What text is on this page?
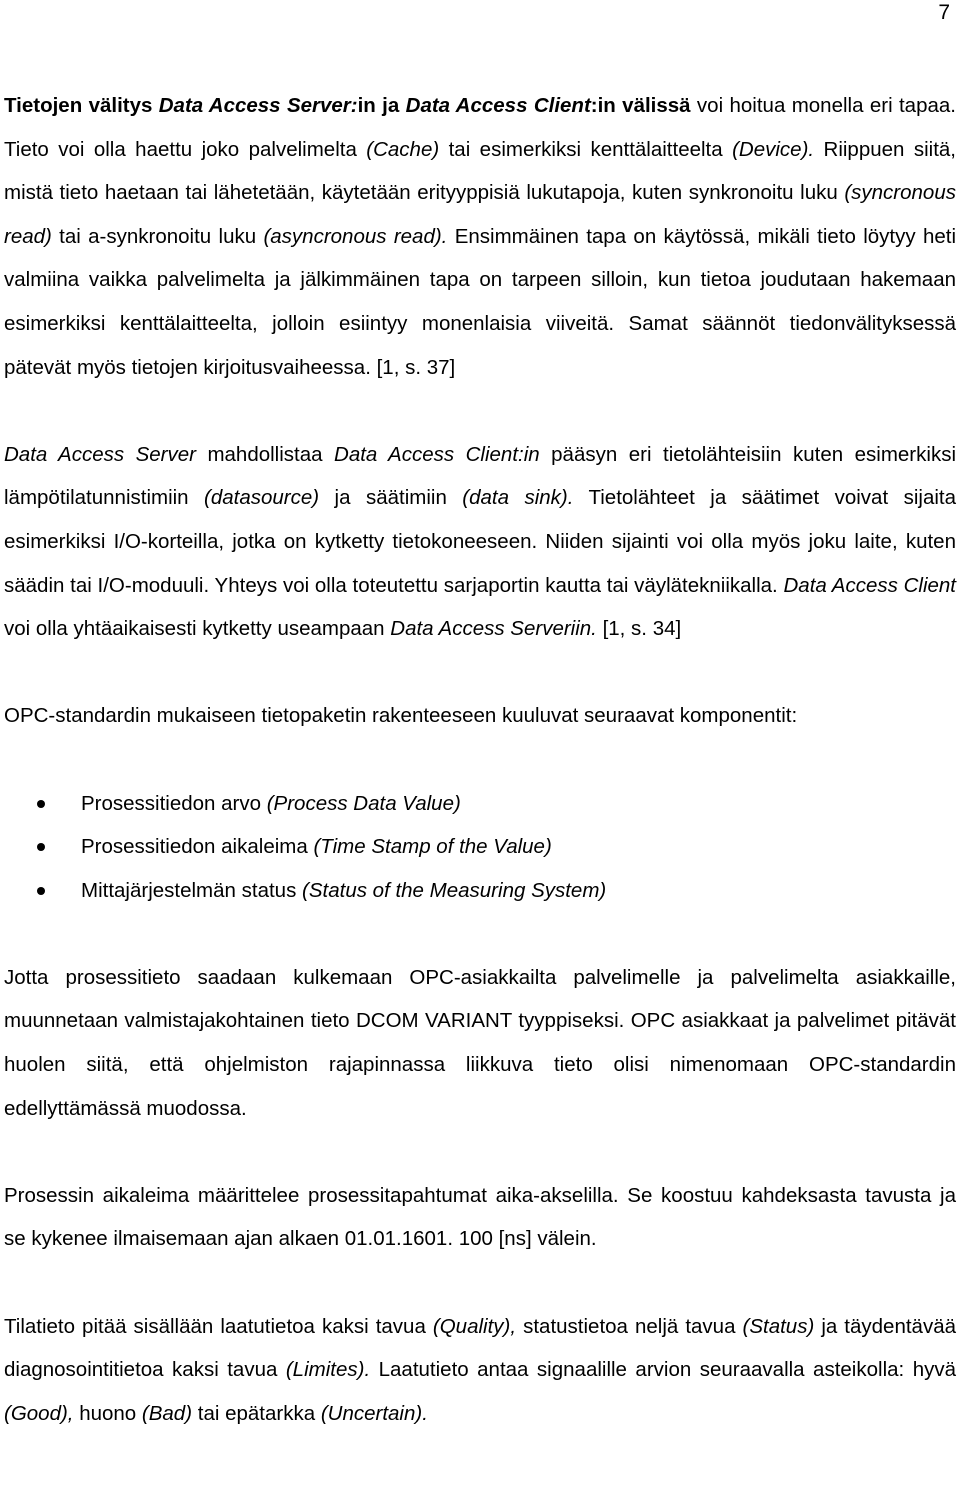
7

Tietojen välitys Data Access Server:in ja Data Access Client:in välissä voi hoitua monella eri tapaa. Tieto voi olla haettu joko palvelimelta (Cache) tai esimerkiksi kenttälaitteelta (Device). Riippuen siitä, mistä tieto haetaan tai lähetetään, käytetään erityyppisiä lukutapoja, kuten synkronoitu luku (syncronous read) tai a-synkronoitu luku (asyncronous read). Ensimmäinen tapa on käytössä, mikäli tieto löytyy heti valmiina vaikka palvelimelta ja jälkimmäinen tapa on tarpeen silloin, kun tietoa joudutaan hakemaan esimerkiksi kenttälaitteelta, jolloin esiintyy monenlaisia viiveitä. Samat säännöt tiedonvälityksessä pätevät myös tietojen kirjoitusvaiheessa. [1, s. 37]

Data Access Server mahdollistaa Data Access Client:in pääsyn eri tietolähteisiin kuten esimerkiksi lämpötilatunnistimiin (datasource) ja säätimiin (data sink). Tietolähteet ja säätimet voivat sijaita esimerkiksi I/O-korteilla, jotka on kytketty tietokoneeseen. Niiden sijainti voi olla myös joku laite, kuten säädin tai I/O-moduuli. Yhteys voi olla toteutettu sarjaportin kautta tai väylätekniikalla. Data Access Client voi olla yhtäaikaisesti kytketty useampaan Data Access Serveriin. [1, s. 34]

OPC-standardin mukaiseen tietopaketin rakenteeseen kuuluvat seuraavat komponentit:

Prosessitiedon arvo (Process Data Value)
Prosessitiedon aikaleima (Time Stamp of the Value)
Mittajärjestelmän status (Status of the Measuring System)

Jotta prosessitieto saadaan kulkemaan OPC-asiakkailta palvelimelle ja palvelimelta asiakkaille, muunnetaan valmistajakohtainen tieto DCOM VARIANT tyyppiseksi. OPC asiakkaat ja palvelimet pitävät huolen siitä, että ohjelmiston rajapinnassa liikkuva tieto olisi nimenomaan OPC-standardin edellyttämässä muodossa.

Prosessin aikaleima määrittelee prosessitapahtumat aika-akselilla. Se koostuu kahdeksasta tavusta ja se kykenee ilmaisemaan ajan alkaen 01.01.1601. 100 [ns] välein.

Tilatieto pitää sisällään laatutietoa kaksi tavua (Quality), statustietoa neljä tavua (Status) ja täydentävää diagnosointitietoa kaksi tavua (Limites). Laatutieto antaa signaalille arvion seuraavalla asteikolla: hyvä (Good), huono (Bad) tai epätarkka (Uncertain).
